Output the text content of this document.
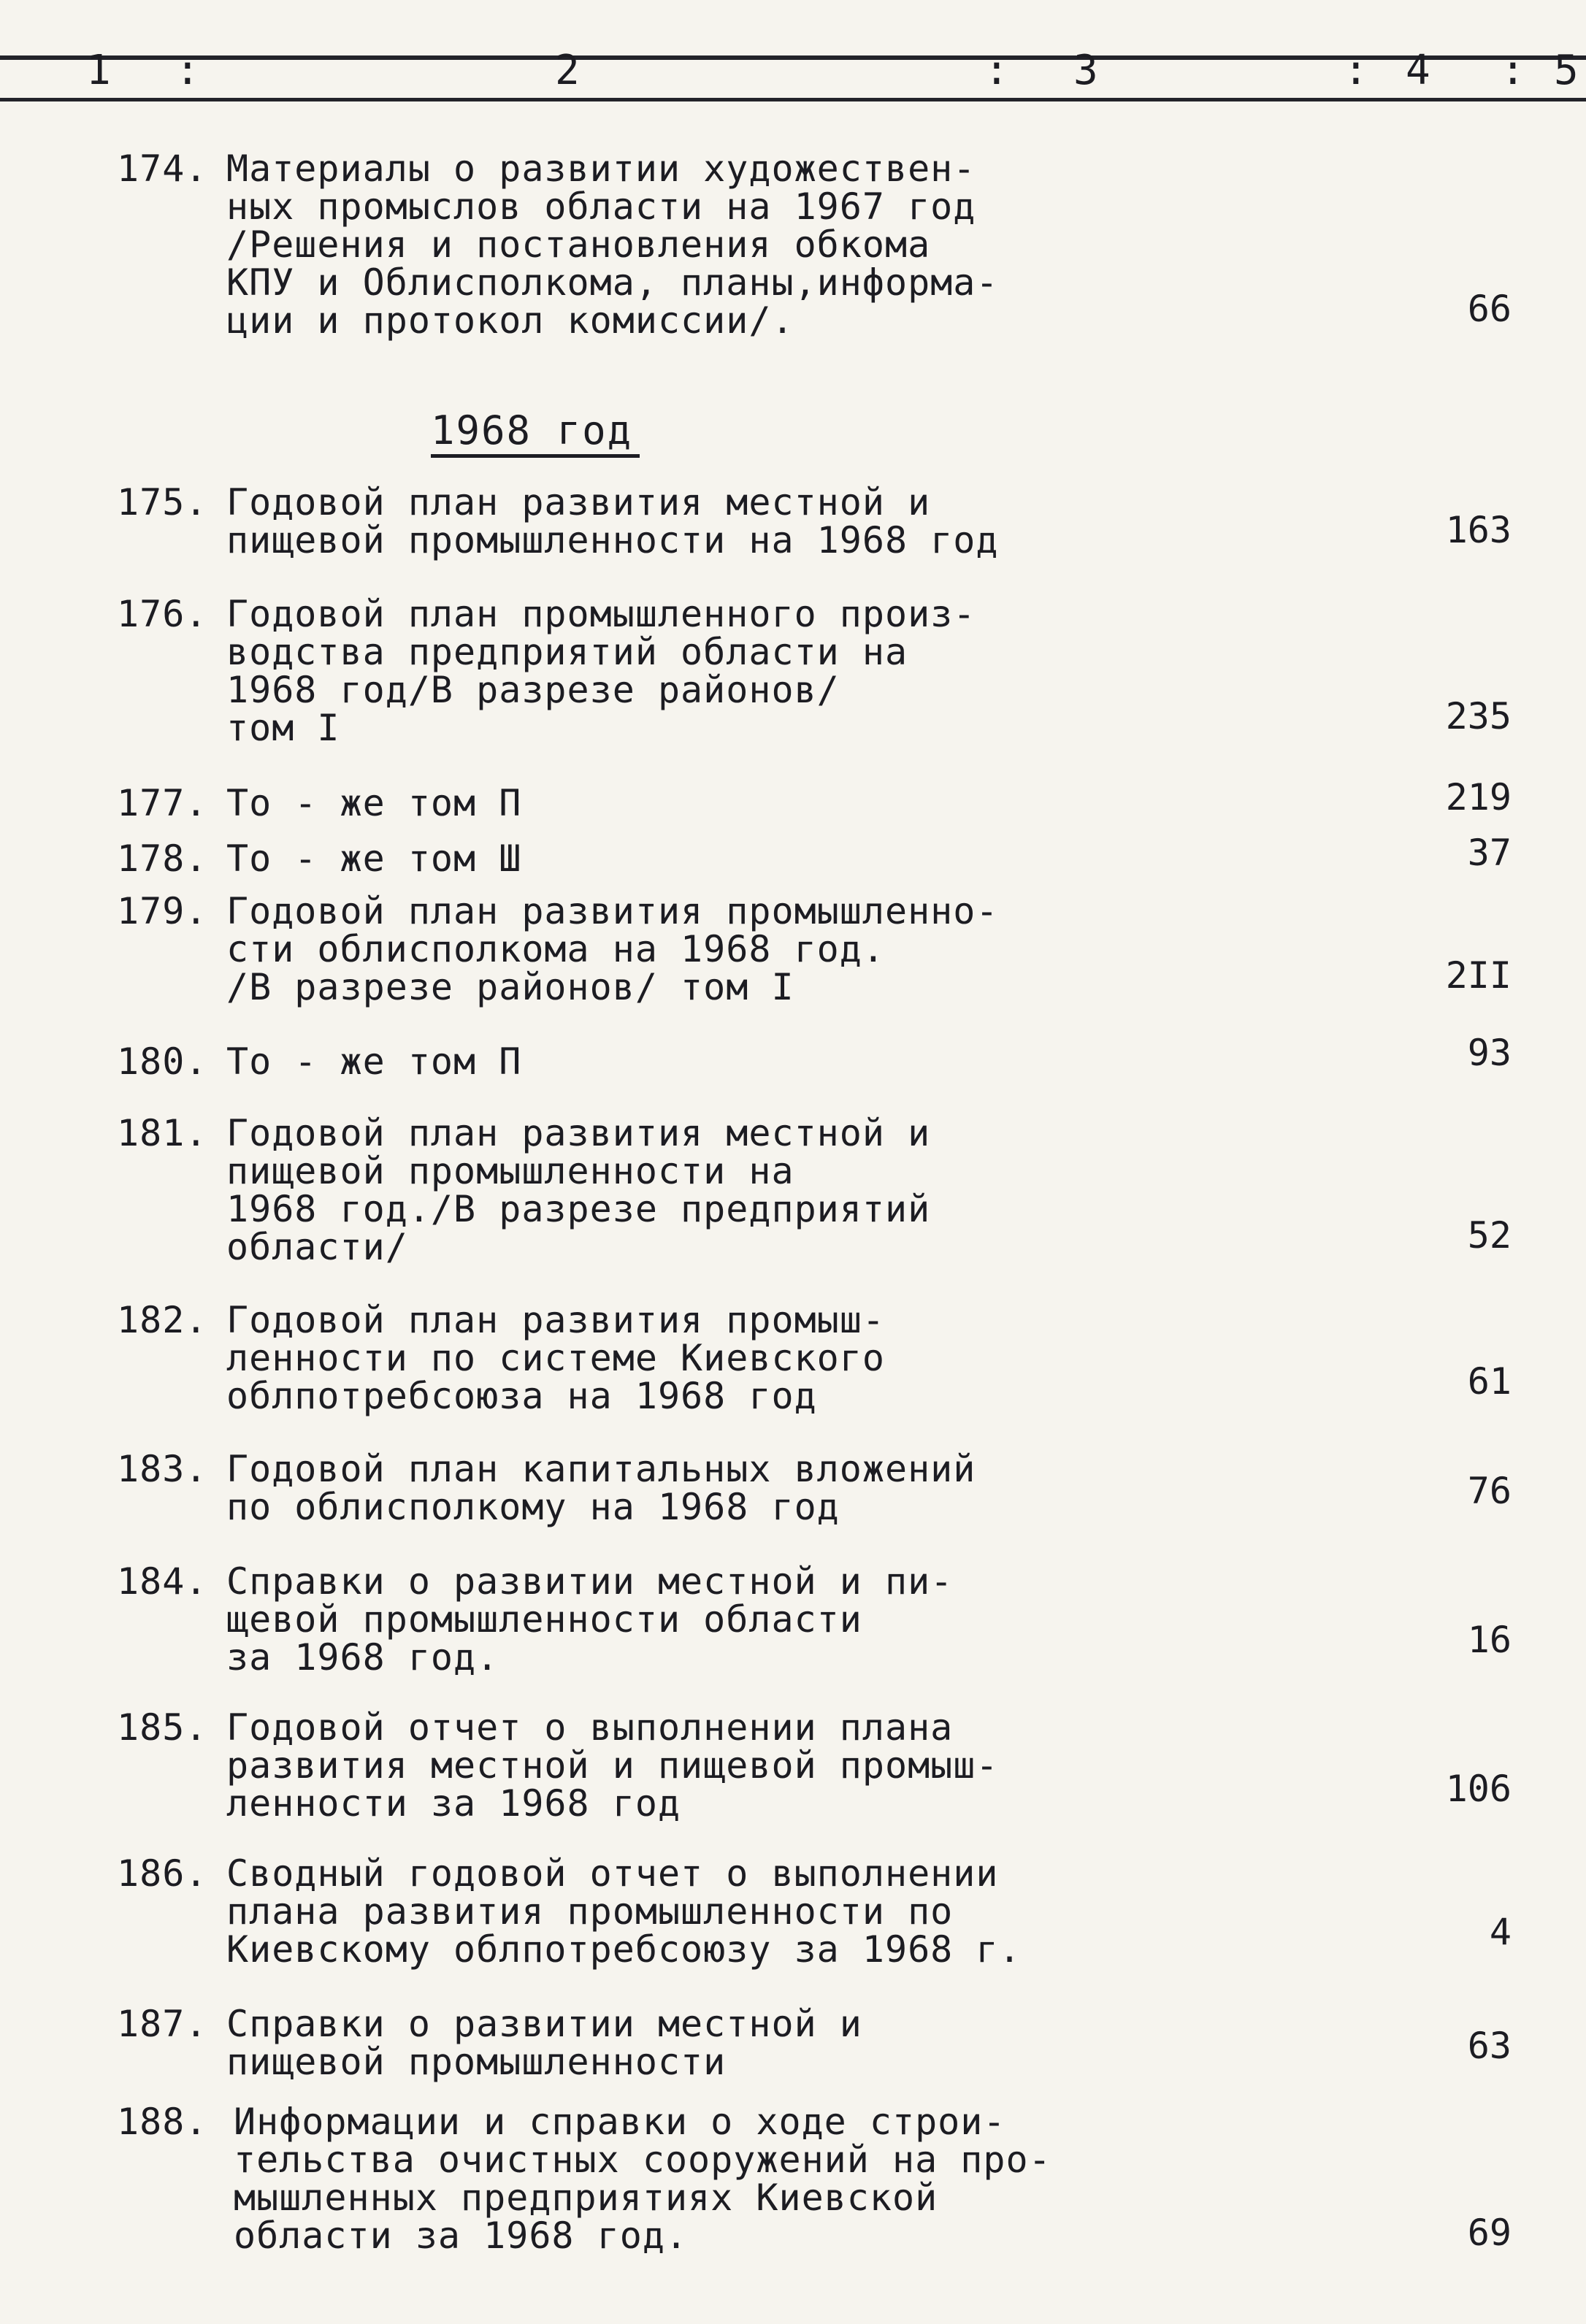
1 :	2	: 3	: 4 : 5
174. Материалы о развитии художествен-
ных промыслов области на 1967 год
/Решения и постановления обкома
КПУ и Облисполкома, планы,информа-
ции и протокол комиссии/.	66
1968 год
175. Годовой план развития местной и
пищевой промышленности на 1968 год	163
176. Годовой план промышленного произ-
водства предприятий области на
1968 год/В разрезе районов/
том I	235
177. То - же том П	219
178. То - же том Ш	37
179. Годовой план развития промышленно-
сти облисполкома на 1968 год.
/В разрезе районов/ том I	2II
180. То - же том П	93
181. Годовой план развития местной и
пищевой промышленности на
1968 год./В разрезе предприятий
области/	52
182. Годовой план развития промыш-
ленности по системе Киевского
облпотребсоюза на 1968 год	61
183. Годовой план капитальных вложений
по облисполкому на 1968 год	76
184. Справки о развитии местной и пи-
щевой промышленности области
за 1968 год.	16
185. Годовой отчет о выполнении плана
развития местной и пищевой промыш-
ленности за 1968 год	106
186. Сводный годовой отчет о выполнении
плана развития промышленности по
Киевскому облпотребсоюзу за 1968 г.	4
187. Справки о развитии местной и
пищевой промышленности	63
188. Информации и справки о ходе строи-
тельства очистных сооружений на про-
мышленных предприятиях Киевской
области за 1968 год.	69
